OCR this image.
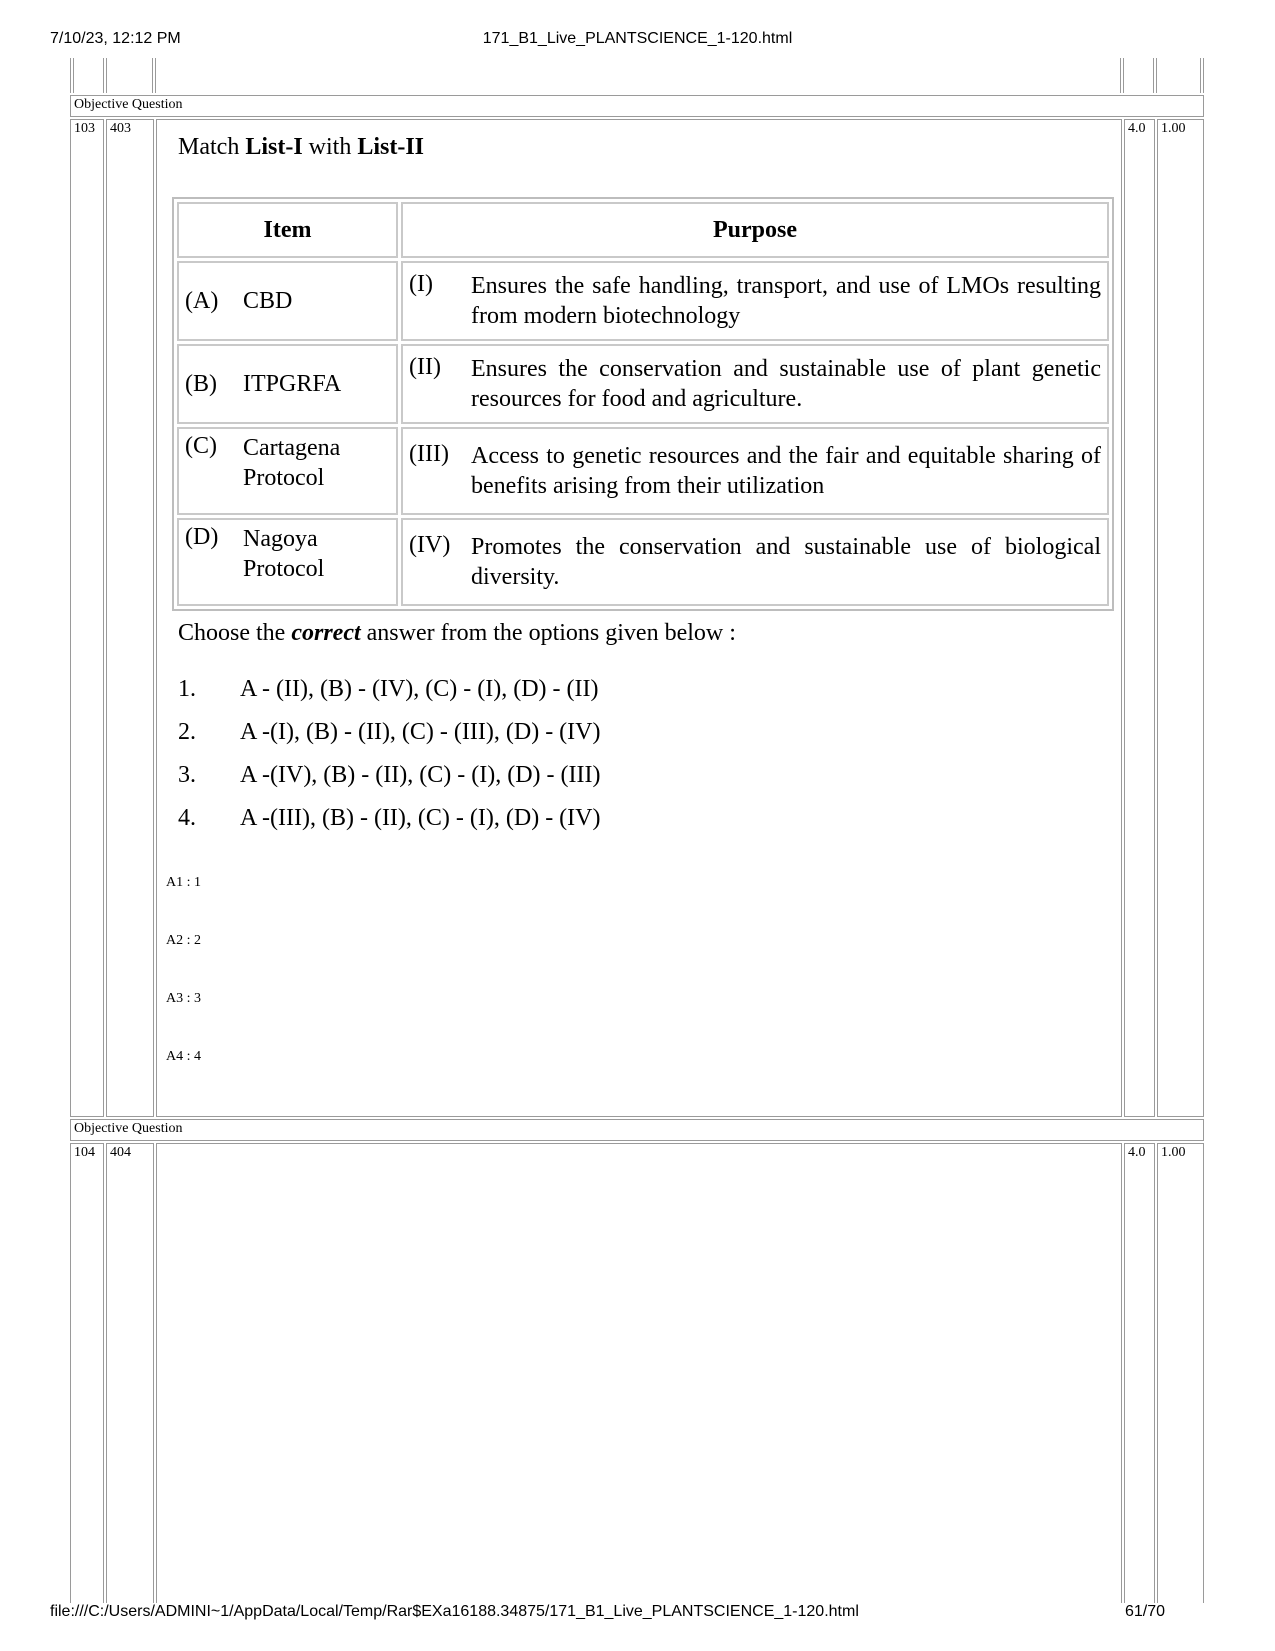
7/10/23, 12:12 PM	171_B1_Live_PLANTSCIENCE_1-120.html
Objective Question
103 403	4.0 1.00
Match List-I with List-II
Item	Purpose
(A) CBD	(I) Ensures the safe handling, transport, and use of LMOs resulting from modern biotechnology

(B) ITPGRFA	(II) Ensures the conservation and sustainable use of plant genetic resources for food and agriculture.

(C) Cartagena Protocol	(III) Access to genetic resources and the fair and equitable sharing of benefits arising from their utilization

(D) Nagoya Protocol	(IV) Promotes the conservation and sustainable use of biological diversity.
Choose the correct answer from the options given below :
1.	A - (II), (B) - (IV), (C) - (I), (D) - (II)
2.	A -(I), (B) - (II), (C) - (III), (D) - (IV)
3.	A -(IV), (B) - (II), (C) - (I), (D) - (III)
4.	A -(III), (B) - (II), (C) - (I), (D) - (IV)
A1 : 1
A2 : 2
A3 : 3
A4 : 4
Objective Question
104 404	4.0 1.00
file:///C:/Users/ADMINI~1/AppData/Local/Temp/Rar$EXa16188.34875/171_B1_Live_PLANTSCIENCE_1-120.html	61/70
